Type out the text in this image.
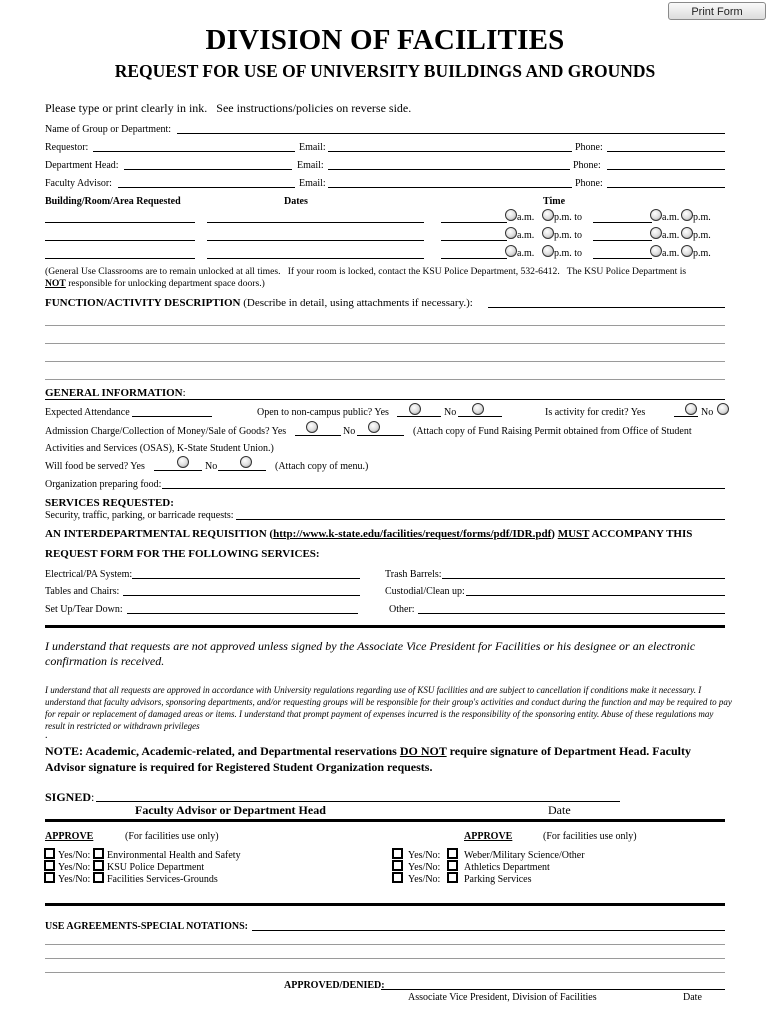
Print Form
DIVISION OF FACILITIES
REQUEST FOR USE OF UNIVERSITY BUILDINGS AND GROUNDS
Please type or print clearly in ink.   See instructions/policies on reverse side.
Name of Group or Department:
Requestor:	Email:	Phone:
Department Head:	Email:	Phone:
Faculty Advisor:	Email:	Phone:
Building/Room/Area Requested	Dates	Time
a.m. p.m. to	a.m. p.m.
a.m. p.m. to	a.m. p.m.
a.m. p.m. to	a.m. p.m.
(General Use Classrooms are to remain unlocked at all times.   If your room is locked, contact the KSU Police Department, 532-6412.   The KSU Police Department is
NOT responsible for unlocking department space doors.)
FUNCTION/ACTIVITY DESCRIPTION (Describe in detail, using attachments if necessary.):
GENERAL INFORMATION:
Expected Attendance	Open to non-campus public? Yes	No	Is activity for credit? Yes	No
Admission Charge/Collection of Money/Sale of Goods? Yes	No	(Attach copy of Fund Raising Permit obtained from Office of Student
Activities and Services (OSAS), K-State Student Union.)
Will food be served? Yes	No	(Attach copy of menu.)
Organization preparing food:
SERVICES REQUESTED:
Security, traffic, parking, or barricade requests:
AN INTERDEPARTMENTAL REQUISITION (http://www.k-state.edu/facilities/request/forms/pdf/IDR.pdf) MUST ACCOMPANY THIS
REQUEST FORM FOR THE FOLLOWING SERVICES:
Electrical/PA System:	Trash Barrels:
Tables and Chairs:	Custodial/Clean up:
Set Up/Tear Down:	Other:
I understand that requests are not approved unless signed by the Associate Vice President for Facilities or his designee or an electronic confirmation is received.
I understand that all requests are approved in accordance with University regulations regarding use of KSU facilities and are subject to cancellation if conditions make it necessary. I understand that faculty advisors, sponsoring departments, and/or requesting groups will be responsible for their group's activities and conduct during the function and may be required to pay for repair or replacement of damaged areas or items. I understand that prompt payment of expenses incurred is the responsibility of the sponsoring entity. Abuse of these regulations may result in restricted or withdrawn privileges
.
NOTE: Academic, Academic-related, and Departmental reservations DO NOT require signature of Department Head. Faculty
Advisor signature is required for Registered Student Organization requests.
SIGNED:
Faculty Advisor or Department Head	Date
APPROVE	(For facilities use only)
Yes/No: Environmental Health and Safety
Yes/No: KSU Police Department
Yes/No: Facilities Services-Grounds
APPROVE	(For facilities use only)
Yes/No: Weber/Military Science/Other
Yes/No: Athletics Department
Yes/No: Parking Services
USE AGREEMENTS-SPECIAL NOTATIONS:
APPROVED/DENIED:
Associate Vice President, Division of Facilities	Date
